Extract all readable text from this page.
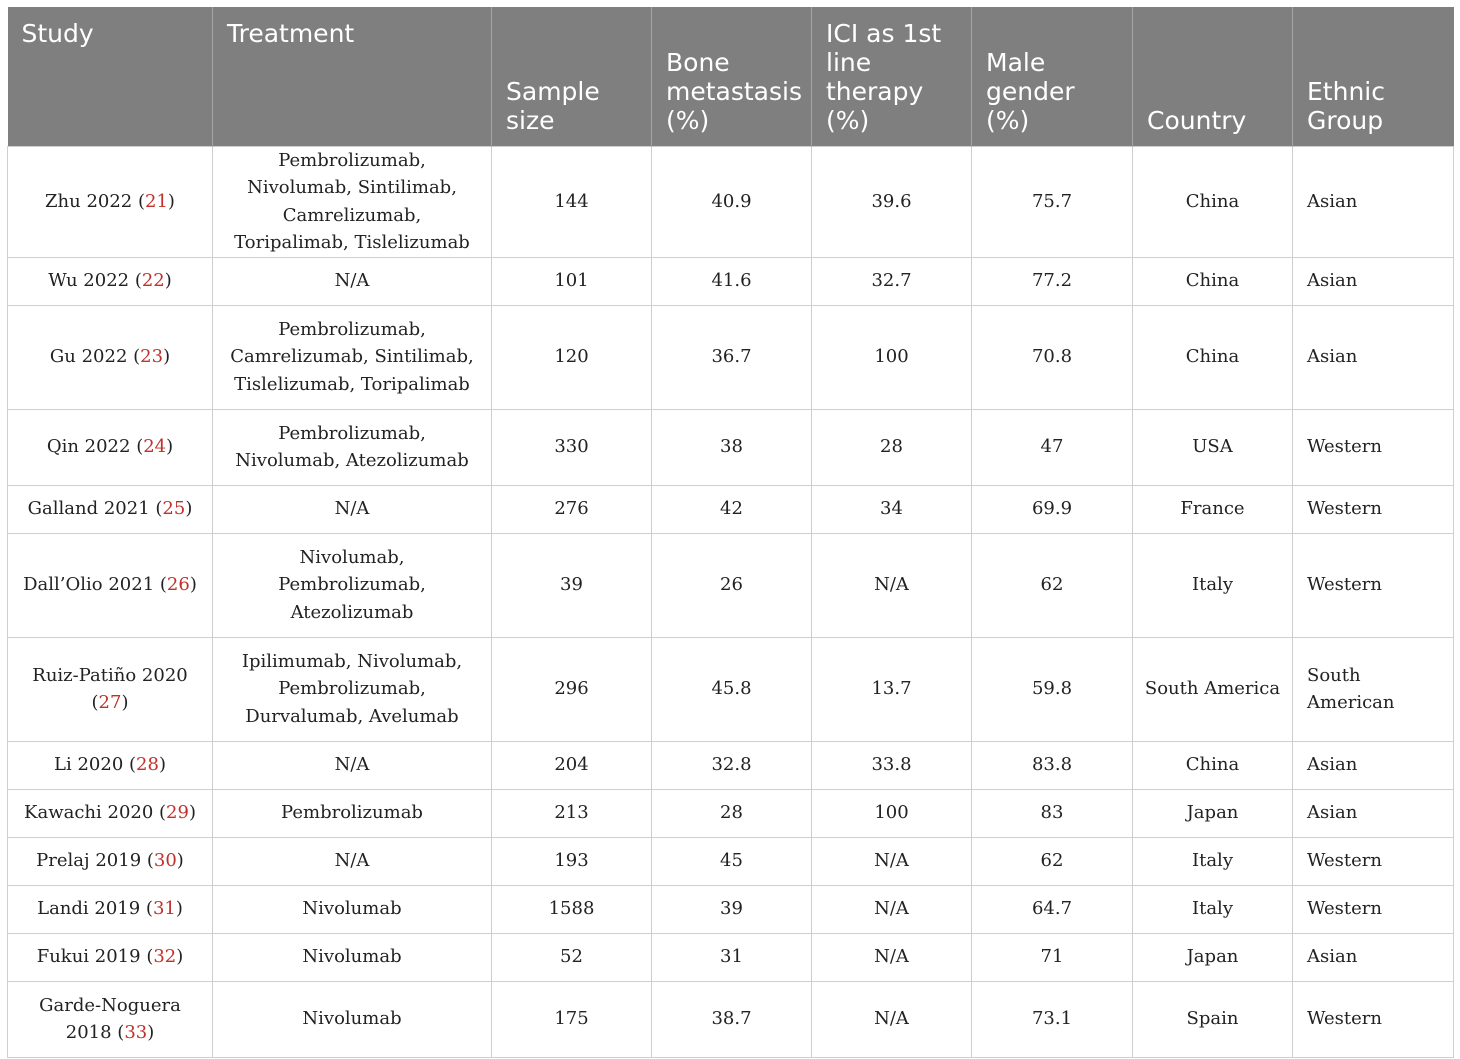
Study	Treatment	Sample size	Bone metastasis (%)	ICI as 1st line therapy (%)	Male gender (%)	Country	Ethnic Group
Zhu 2022 (21)	Pembrolizumab, Nivolumab, Sintilimab, Camrelizumab, Toripalimab, Tislelizumab	144	40.9	39.6	75.7	China	Asian
Wu 2022 (22)	N/A	101	41.6	32.7	77.2	China	Asian
Gu 2022 (23)	Pembrolizumab, Camrelizumab, Sintilimab, Tislelizumab, Toripalimab	120	36.7	100	70.8	China	Asian
Qin 2022 (24)	Pembrolizumab, Nivolumab, Atezolizumab	330	38	28	47	USA	Western
Galland 2021 (25)	N/A	276	42	34	69.9	France	Western
Dall’Olio 2021 (26)	Nivolumab, Pembrolizumab, Atezolizumab	39	26	N/A	62	Italy	Western
Ruiz-Patiño 2020 (27)	Ipilimumab, Nivolumab, Pembrolizumab, Durvalumab, Avelumab	296	45.8	13.7	59.8	South America	South American
Li 2020 (28)	N/A	204	32.8	33.8	83.8	China	Asian
Kawachi 2020 (29)	Pembrolizumab	213	28	100	83	Japan	Asian
Prelaj 2019 (30)	N/A	193	45	N/A	62	Italy	Western
Landi 2019 (31)	Nivolumab	1588	39	N/A	64.7	Italy	Western
Fukui 2019 (32)	Nivolumab	52	31	N/A	71	Japan	Asian
Garde-Noguera 2018 (33)	Nivolumab	175	38.7	N/A	73.1	Spain	Western
